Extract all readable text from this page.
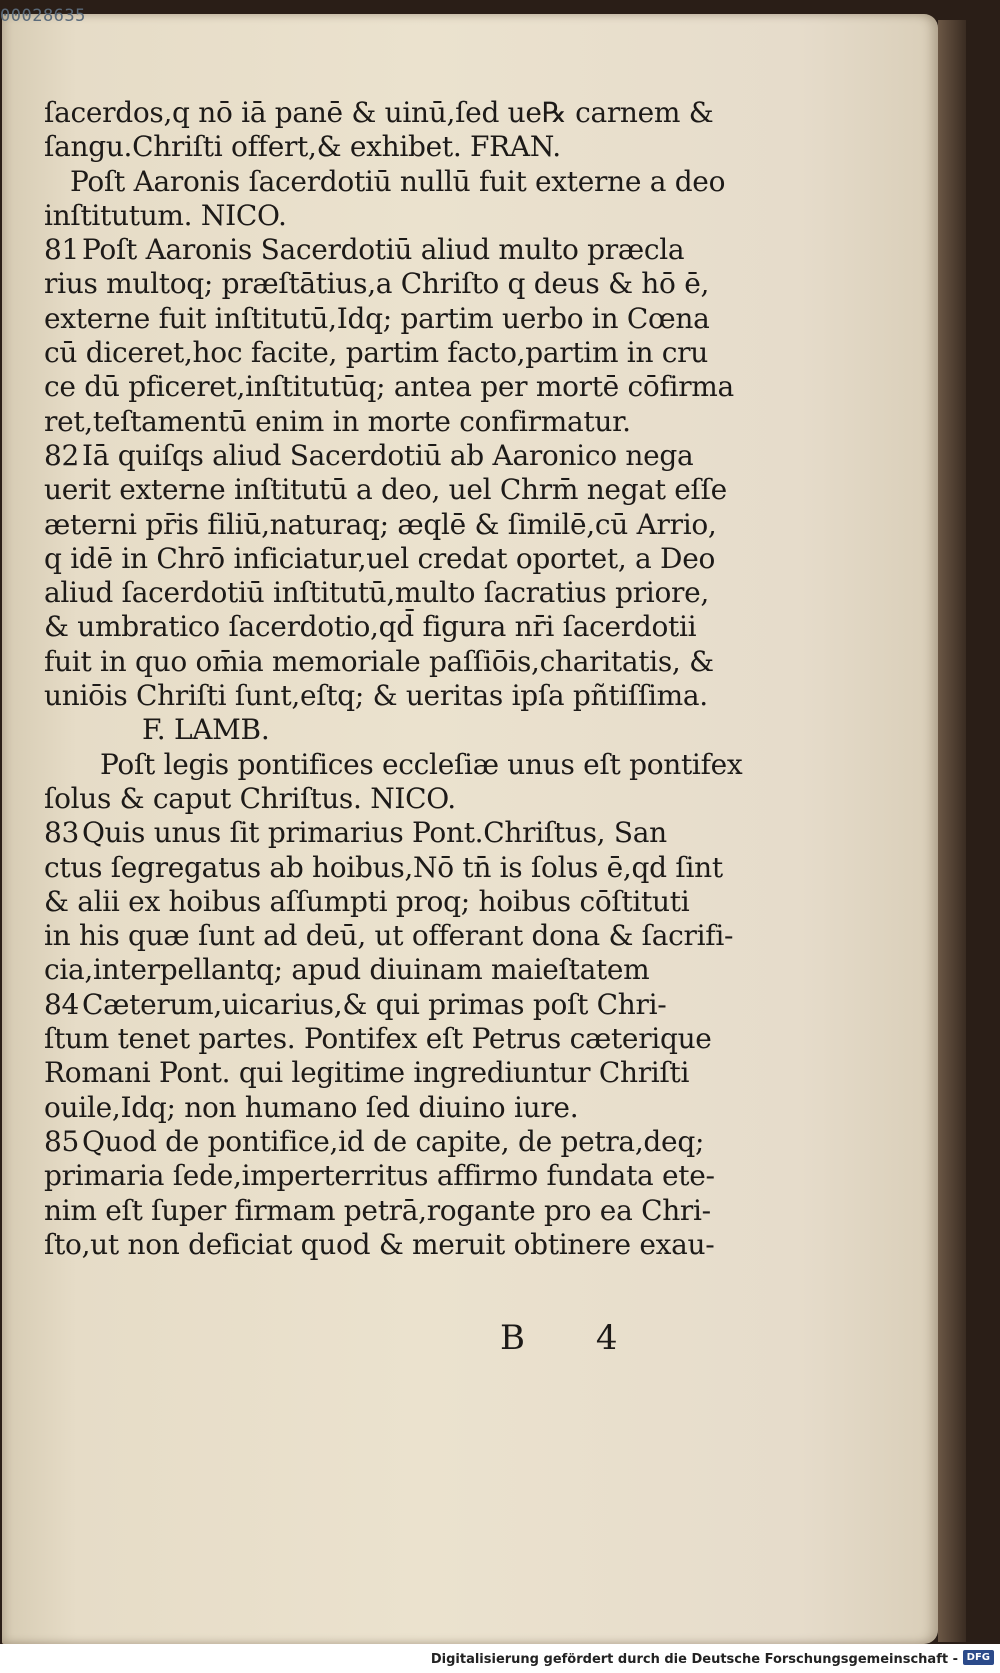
00028635
ſacerdos,q nō iā panē & uinū,ſed ue℞ carnem &
ſangu.Chriſti offert,& exhibet. FRAN.
Poſt Aaronis ſacerdotiū nullū fuit externe a deo
inſtitutum. NICO.
81 Poſt Aaronis Sacerdotiū aliud multo præcla
rius multoq; præſtātius,a Chriſto q deus & hō ē,
externe fuit inſtitutū,Idq; partim uerbo in Cœna
cū diceret,hoc facite, partim facto,partim in cru
ce dū pficeret,inſtitutūq; antea per mortē cōfirma
ret,teſtamentū enim in morte confirmatur.
82 Iā quiſqs aliud Sacerdotiū ab Aaronico nega
uerit externe inſtitutū a deo, uel Chrm̄ negat eſſe
æterni pr̄is filiū,naturaq; æqlē & ſimilē,cū Arrio,
q idē in Chrō inficiatur,uel credat oportet, a Deo
aliud ſacerdotiū inſtitutū,multo ſacratius priore,
& umbratico ſacerdotio,qd̄ figura nr̄i ſacerdotii
fuit in quo om̄ia memoriale paſſiōis,charitatis, &
uniōis Chriſti ſunt,eſtq; & ueritas ipſa pñtiſſima.
F. LAMB.
Poſt legis pontifices eccleſiæ unus eſt pontifex
ſolus & caput Chriſtus. NICO.
83 Quis unus ſit primarius Pont.Chriſtus, San
ctus ſegregatus ab hoibus,Nō tn̄ is ſolus ē,qd ſint
& alii ex hoibus aſſumpti proq; hoibus cōſtituti
in his quæ ſunt ad deū, ut offerant dona & ſacrifi-
cia,interpellantq; apud diuinam maieſtatem
84 Cæterum,uicarius,& qui primas poſt Chri-
ſtum tenet partes. Pontifex eſt Petrus cæterique
Romani Pont. qui legitime ingrediuntur Chriſti
ouile,Idq; non humano ſed diuino iure.
85 Quod de pontifice,id de capite, de petra,deq;
primaria ſede,imperterritus affirmo fundata ete-
nim eſt ſuper firmam petrā,rogante pro ea Chri-
ſto,ut non deficiat quod & meruit obtinere exau-
B 4
Digitalisierung gefördert durch die Deutsche Forschungsgemeinschaft - DFG
